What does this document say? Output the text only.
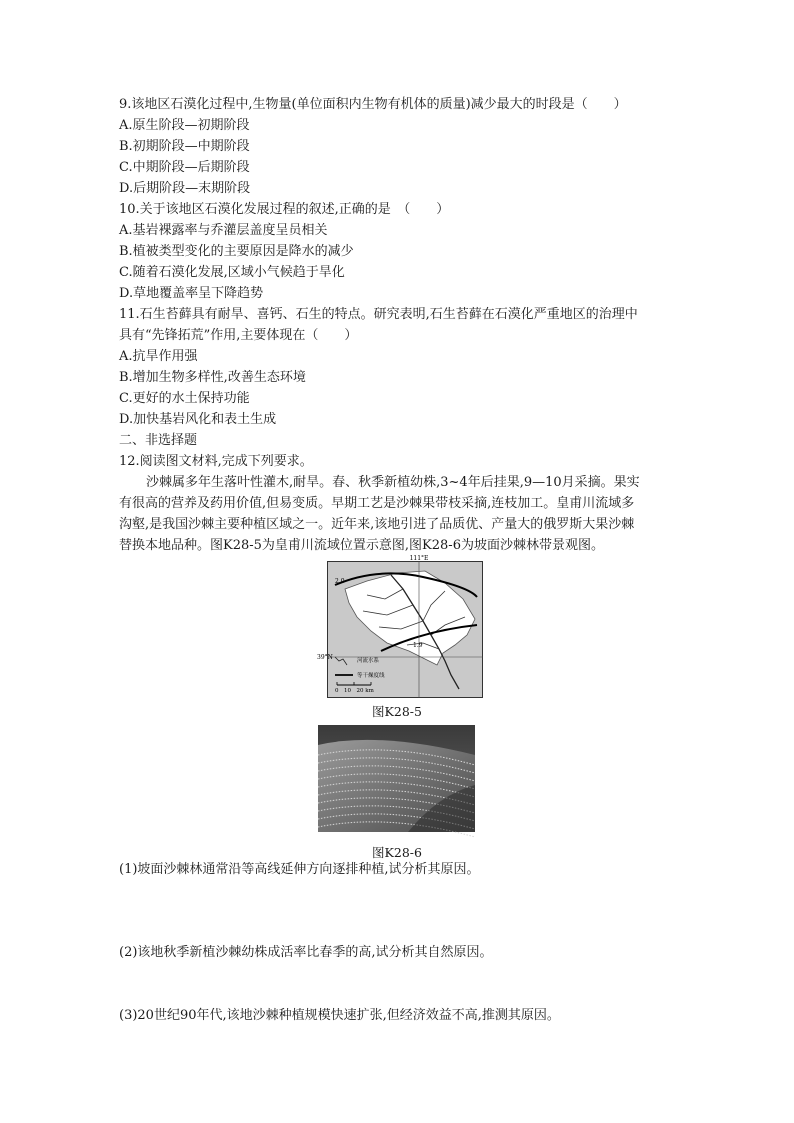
9.该地区石漠化过程中,生物量(单位面积内生物有机体的质量)减少最大的时段是（　　）
A.原生阶段—初期阶段
B.初期阶段—中期阶段
C.中期阶段—后期阶段
D.后期阶段—末期阶段
10.关于该地区石漠化发展过程的叙述,正确的是　（　　）
A.基岩裸露率与乔灌层盖度呈员相关
B.植被类型变化的主要原因是降水的减少
C.随着石漠化发展,区域小气候趋于旱化
D.草地覆盖率呈下降趋势
11.石生苔藓具有耐旱、喜钙、石生的特点。研究表明,石生苔藓在石漠化严重地区的治理中
具有“先锋拓荒”作用,主要体现在（　　）
A.抗旱作用强
B.增加生物多样性,改善生态环境
C.更好的水土保持功能
D.加快基岩风化和表土生成
二、非选择题
12.阅读图文材料,完成下列要求。
沙棘属多年生落叶性灌木,耐旱。春、秋季新植幼株,3~4年后挂果,9—10月采摘。果实
有很高的营养及药用价值,但易变质。早期工艺是沙棘果带枝采摘,连枝加工。皇甫川流域多
沟壑,是我国沙棘主要种植区域之一。近年来,该地引进了品质优、产量大的俄罗斯大果沙棘
替换本地品种。图K28-5为皇甫川流域位置示意图,图K28-6为坡面沙棘林带景观图。
111°E
39°N
2.0
1.9
河流水系
等干燥度线
0　10　20 km
图K28-5
图K28-6
(1)坡面沙棘林通常沿等高线延伸方向逐排种植,试分析其原因。
(2)该地秋季新植沙棘幼株成活率比春季的高,试分析其自然原因。
(3)20世纪90年代,该地沙棘种植规模快速扩张,但经济效益不高,推测其原因。
